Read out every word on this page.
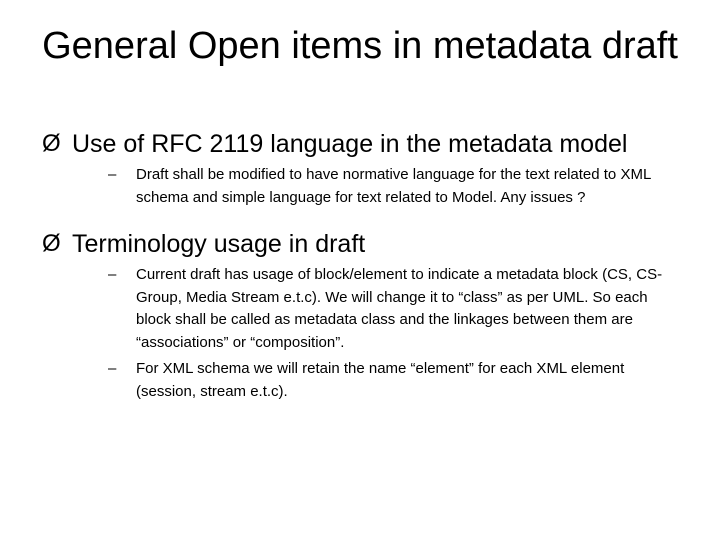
General Open items in metadata draft
Ø Use of RFC 2119 language in the metadata model
– Draft shall be modified to have normative language for the text related to XML schema and simple language for text related to Model. Any issues ?
Ø Terminology usage in draft
– Current draft has usage of block/element to indicate a metadata block (CS, CS-Group, Media Stream e.t.c). We will change it to “class” as per UML. So each block shall be called as metadata class and the linkages between them are “associations” or “composition”.
– For XML schema we will retain the name “element” for each XML element (session, stream e.t.c).
